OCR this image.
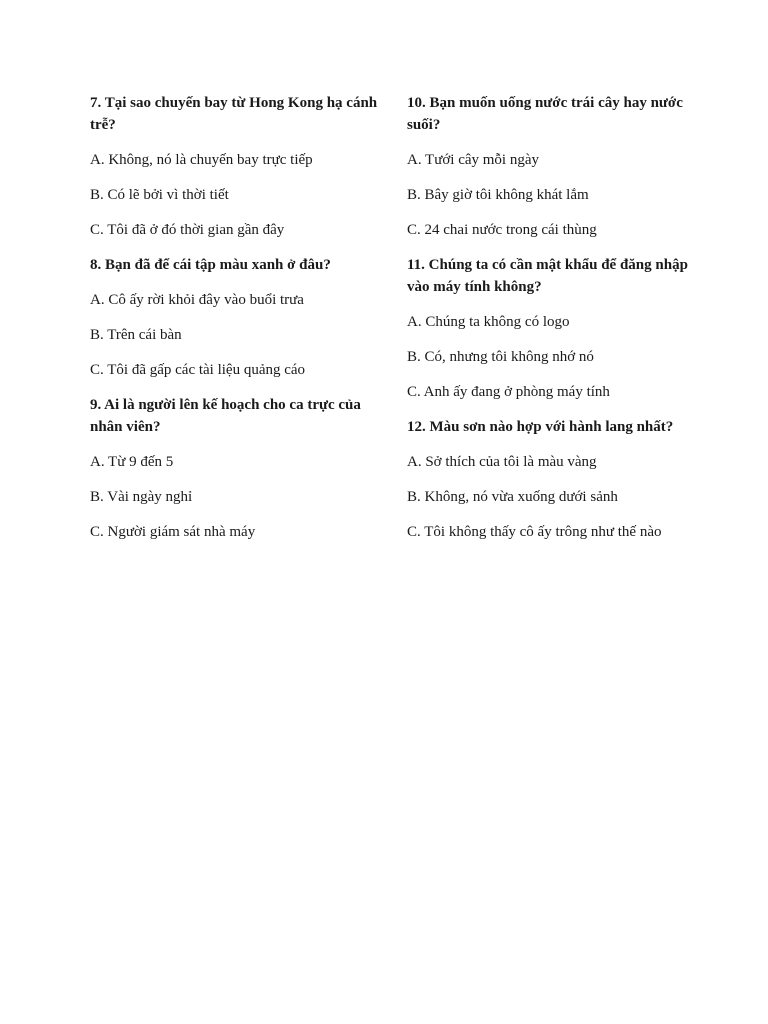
7. Tại sao chuyến bay từ Hong Kong hạ cánh trễ?

A. Không, nó là chuyến bay trực tiếp

B. Có lẽ bởi vì thời tiết

C. Tôi đã ở đó thời gian gần đây

8. Bạn đã để cái tập màu xanh ở đâu?

A. Cô ấy rời khỏi đây vào buổi trưa

B. Trên cái bàn

C. Tôi đã gấp các tài liệu quảng cáo

9. Ai là người lên kế hoạch cho ca trực của nhân viên?

A. Từ 9 đến 5

B. Vài ngày nghỉ

C. Người giám sát nhà máy

10. Bạn muốn uống nước trái cây hay nước suối?

A. Tưới cây mỗi ngày

B. Bây giờ tôi không khát lắm

C. 24 chai nước trong cái thùng

11. Chúng ta có cần mật khẩu để đăng nhập vào máy tính không?

A. Chúng ta không có logo

B. Có, nhưng tôi không nhớ nó

C. Anh ấy đang ở phòng máy tính

12. Màu sơn nào hợp với hành lang nhất?

A. Sở thích của tôi là màu vàng

B. Không, nó vừa xuống dưới sảnh

C. Tôi không thấy cô ấy trông như thế nào
